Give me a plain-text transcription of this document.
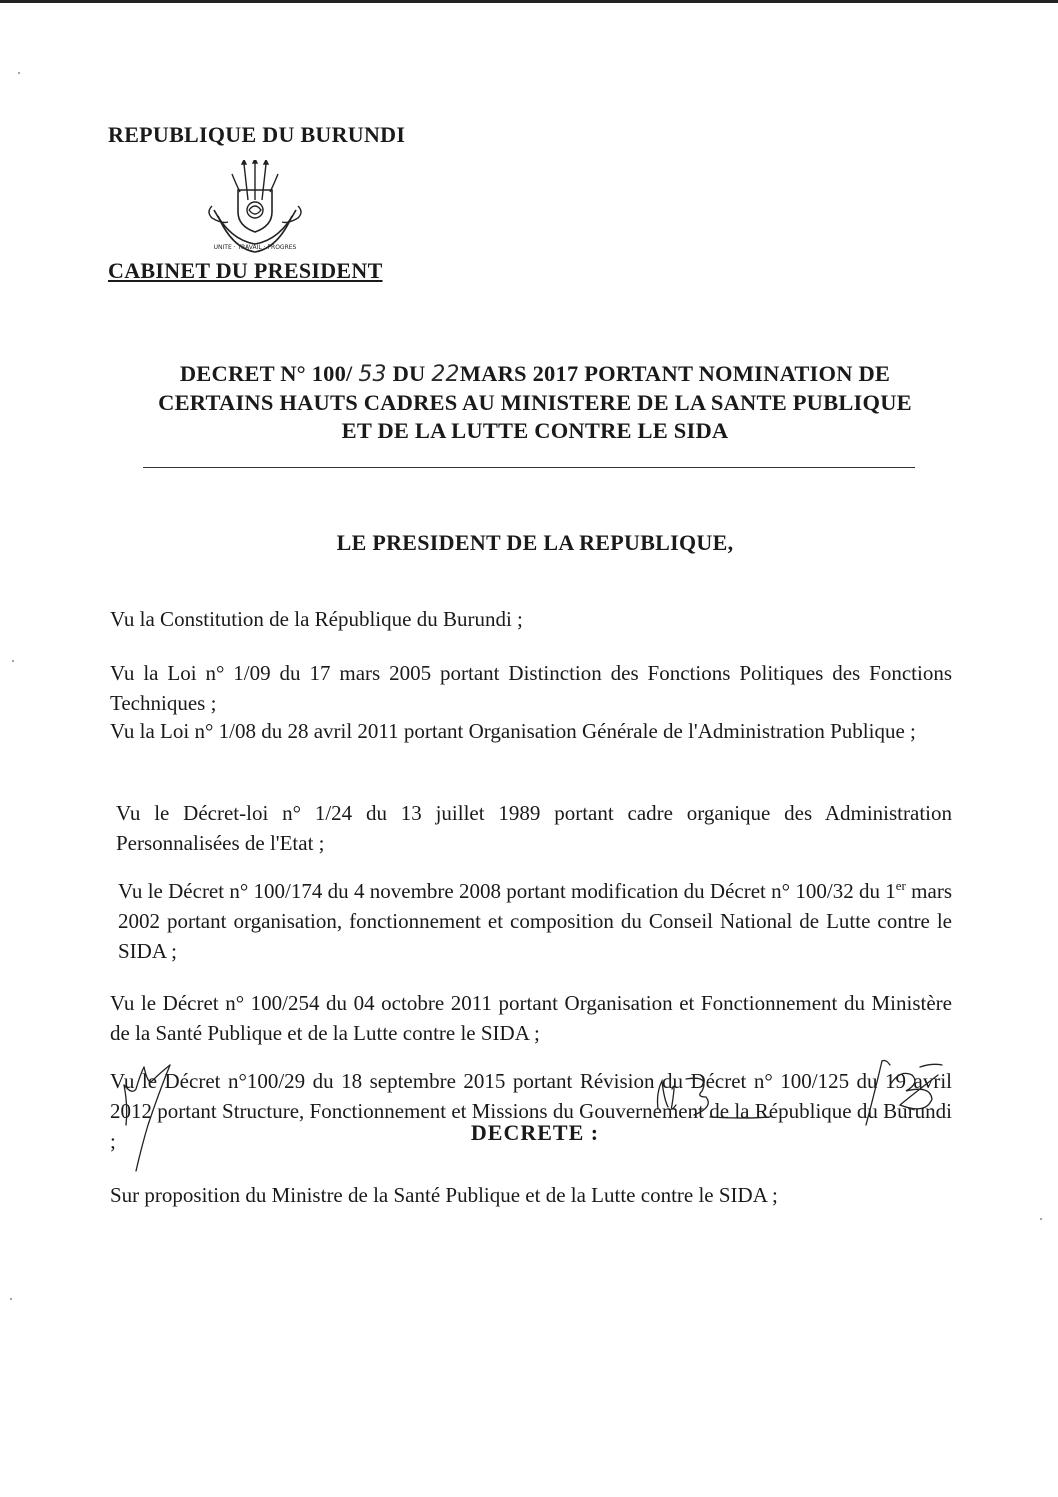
REPUBLIQUE DU BURUNDI
UNITE · TRAVAIL · PROGRES
CABINET DU PRESIDENT
DECRET N° 100/ 53 DU 22MARS 2017 PORTANT NOMINATION DE
CERTAINS HAUTS CADRES AU MINISTERE DE LA SANTE PUBLIQUE
ET DE LA LUTTE CONTRE LE SIDA
LE PRESIDENT DE LA REPUBLIQUE,

Vu la Constitution de la République du Burundi ;

Vu la Loi n° 1/09 du 17 mars 2005 portant Distinction des Fonctions Politiques des Fonctions Techniques ;

Vu la Loi n° 1/08 du 28 avril 2011 portant Organisation Générale de l'Administration Publique ;

Vu le Décret-loi n° 1/24 du 13 juillet 1989 portant cadre organique des Administration Personnalisées de l'Etat ;

Vu le Décret n° 100/174 du 4 novembre 2008 portant modification du Décret n° 100/32 du 1er mars 2002 portant organisation, fonctionnement et composition du Conseil National de Lutte contre le SIDA ;

Vu le Décret n° 100/254 du 04 octobre 2011 portant Organisation et Fonctionnement du Ministère de la Santé Publique et de la Lutte contre le SIDA ;

Vu le Décret n°100/29 du 18 septembre 2015 portant Révision du Décret n° 100/125 du 19 avril 2012 portant Structure, Fonctionnement et Missions du Gouvernement de la République du Burundi ;

Sur proposition du Ministre de la Santé Publique et de la Lutte contre le SIDA ;

DECRETE :
